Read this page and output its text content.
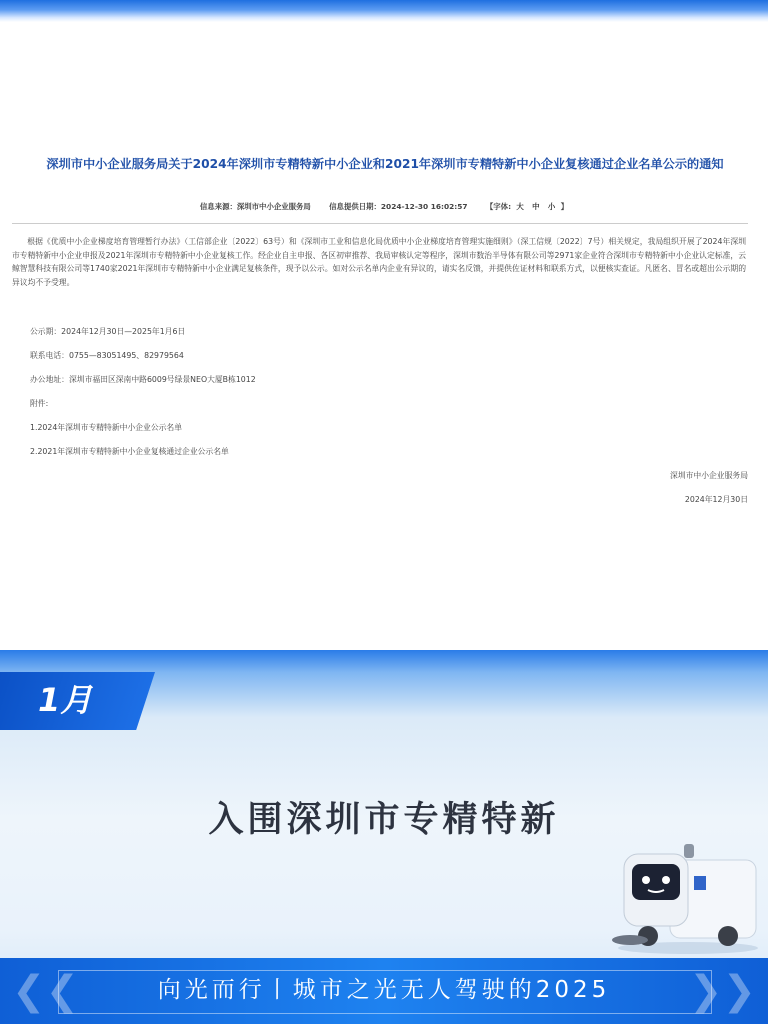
深圳市中小企业服务局关于2024年深圳市专精特新中小企业和2021年深圳市专精特新中小企业复核通过企业名单公示的通知
信息来源：深圳市中小企业服务局 信息提供日期：2024-12-30 16:02:57 【字体: 大 中 小 】
根据《优质中小企业梯度培育管理暂行办法》（工信部企业〔2022〕63号）和《深圳市工业和信息化局优质中小企业梯度培育管理实施细则》（深工信规〔2022〕7号）相关规定，我局组织开展了2024年深圳市专精特新中小企业申报及2021年深圳市专精特新中小企业复核工作。经企业自主申报、各区初审推荐、我局审核认定等程序，深圳市数治半导体有限公司等2971家企业符合深圳市专精特新中小企业认定标准，云鲸智慧科技有限公司等1740家2021年深圳市专精特新中小企业满足复核条件，现予以公示。如对公示名单内企业有异议的，请实名反馈，并提供佐证材料和联系方式，以便核实查证。凡匿名、冒名或超出公示期的异议均不予受理。
公示期：2024年12月30日—2025年1月6日
联系电话：0755—83051495、82979564
办公地址：深圳市福田区深南中路6009号绿景NEO大厦B栋1012
附件:
1.2024年深圳市专精特新中小企业公示名单
2.2021年深圳市专精特新中小企业复核通过企业公示名单
深圳市中小企业服务局
2024年12月30日
1月
入围深圳市专精特新
❮❮	❯❯
向光而行丨城市之光无人驾驶的2025
